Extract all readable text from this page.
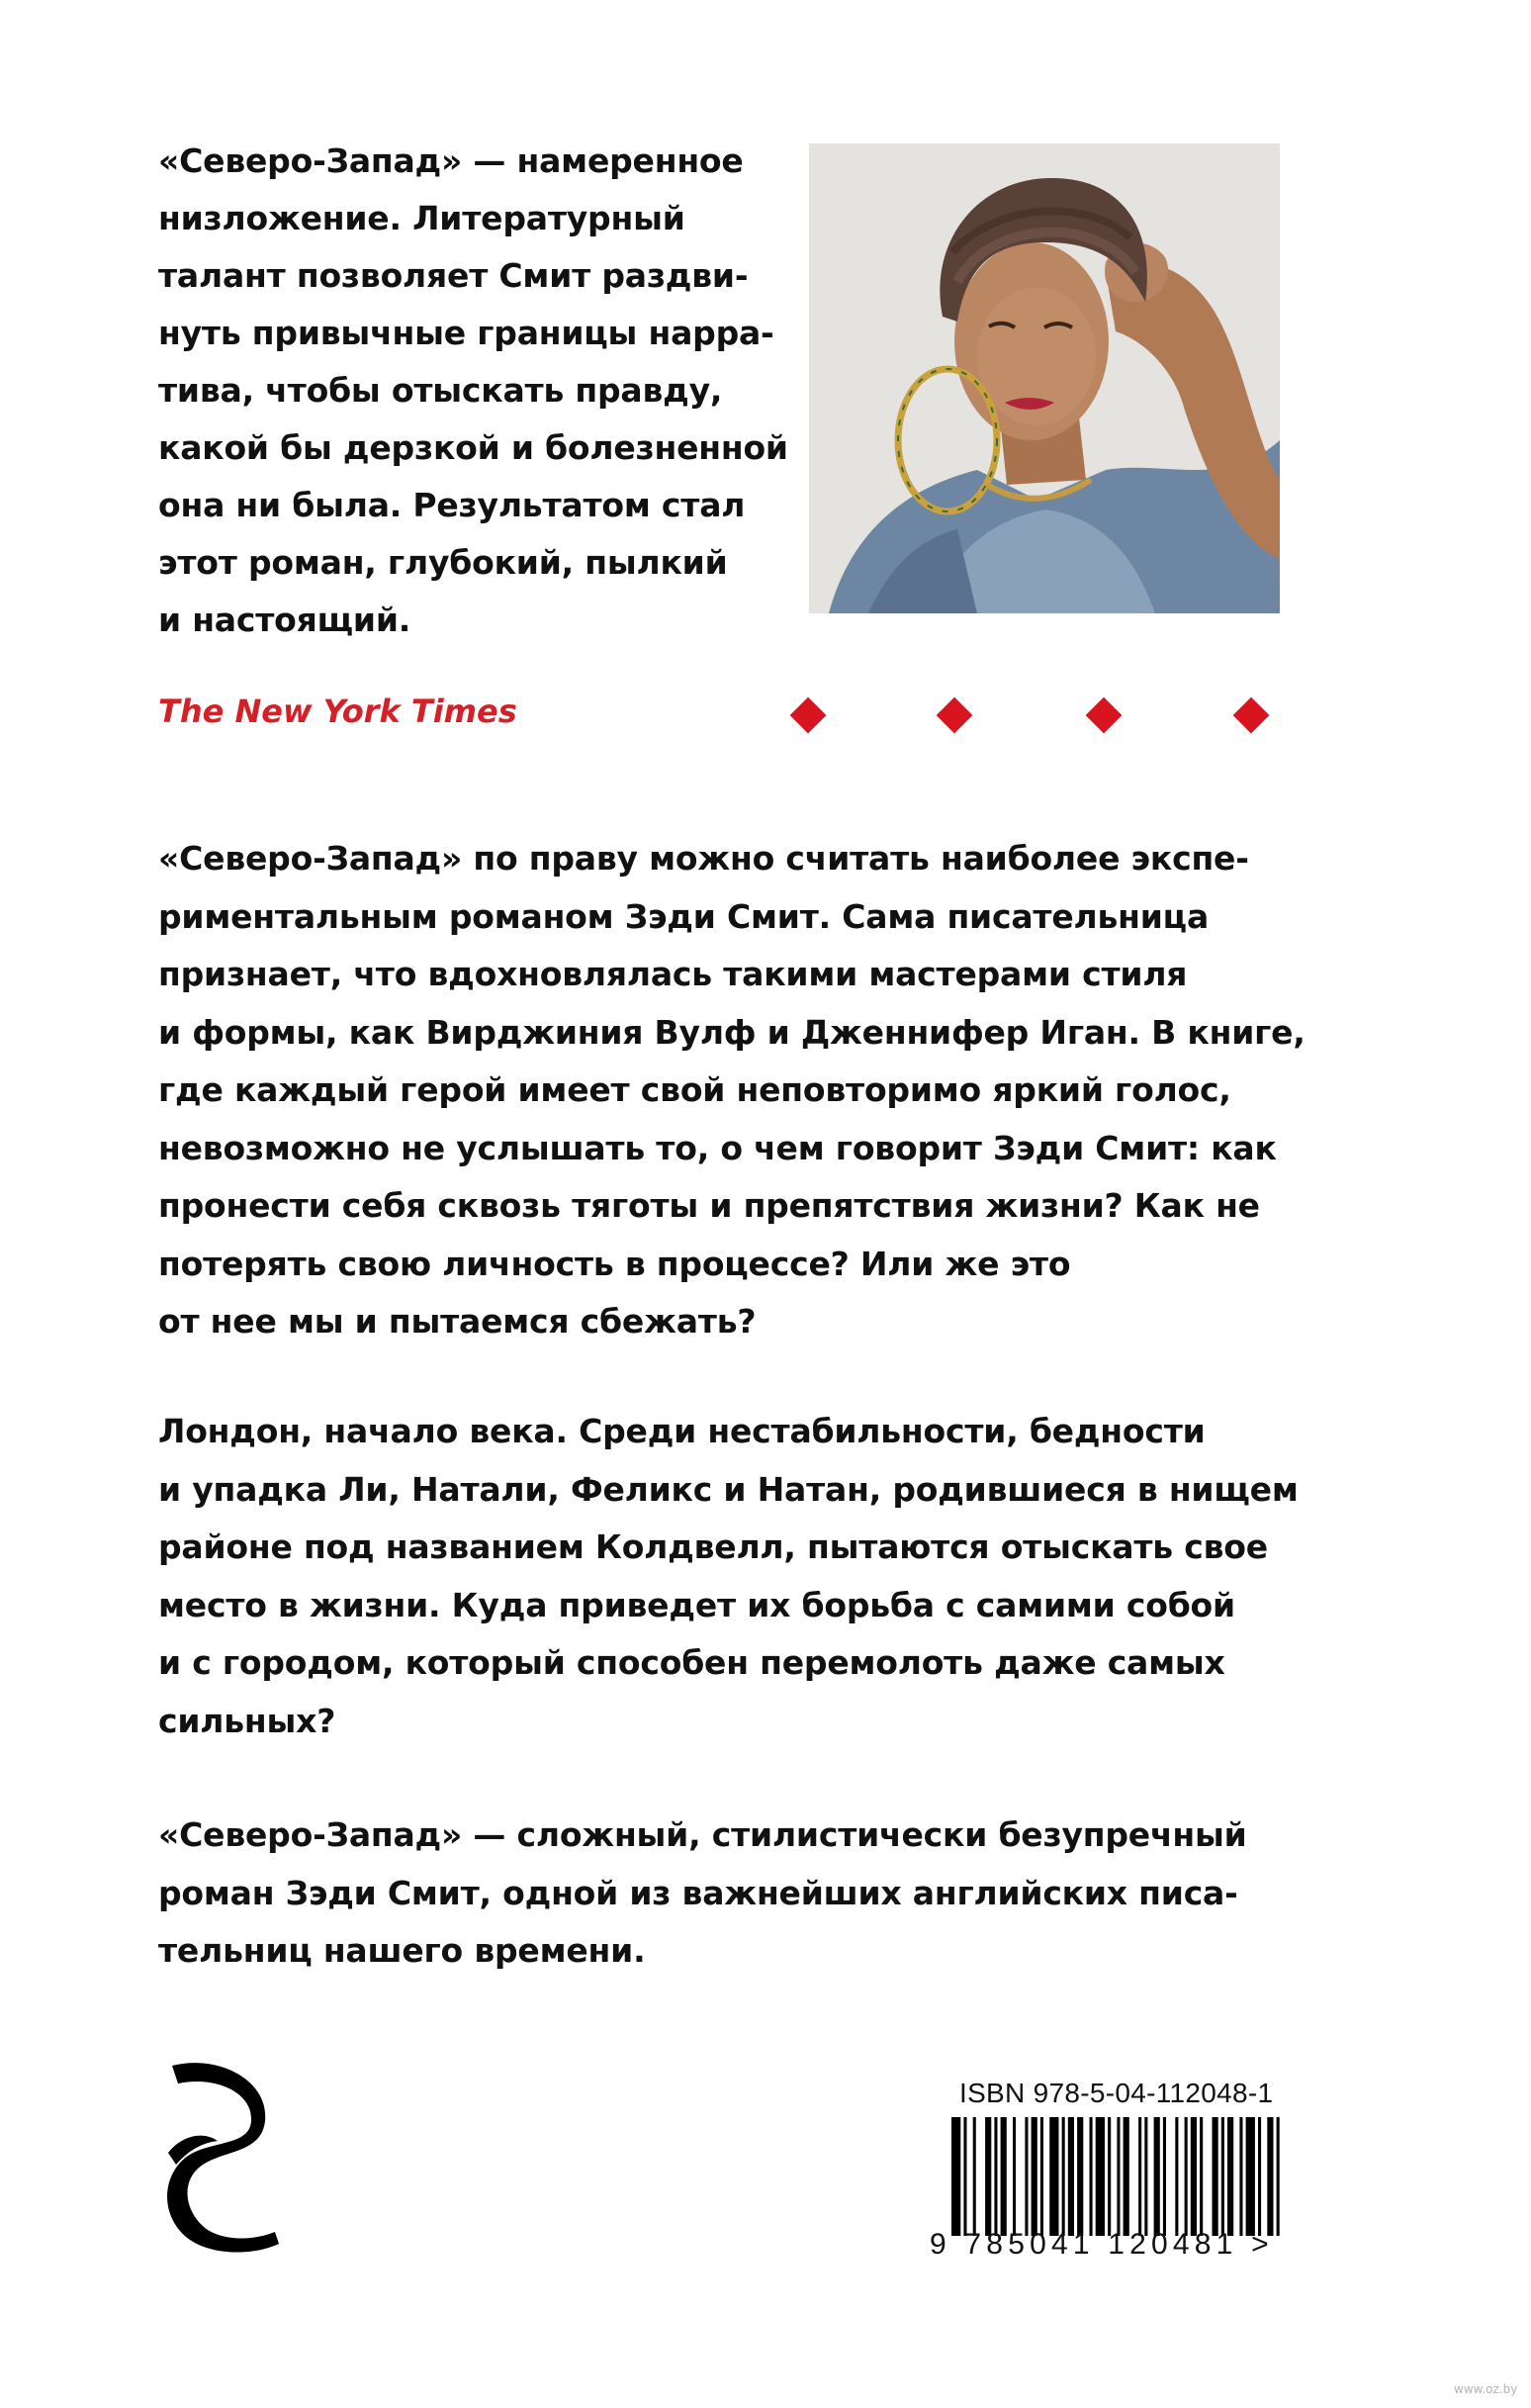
«Северо-Запад» — намеренное
низложение. Литературный
талант позволяет Смит раздви-
нуть привычные границы нарра-
тива, чтобы отыскать правду,
какой бы дерзкой и болезненной
она ни была. Результатом стал
этот роман, глубокий, пылкий
и настоящий.
The New York Times
«Северо-Запад» по праву можно считать наиболее экспе-
риментальным романом Зэди Смит. Сама писательница
признает, что вдохновлялась такими мастерами стиля
и формы, как Вирджиния Вулф и Дженнифер Иган. В книге,
где каждый герой имеет свой неповторимо яркий голос,
невозможно не услышать то, о чем говорит Зэди Смит: как
пронести себя сквозь тяготы и препятствия жизни? Как не
потерять свою личность в процессе? Или же это
от нее мы и пытаемся сбежать?
Лондон, начало века. Среди нестабильности, бедности
и упадка Ли, Натали, Феликс и Натан, родившиеся в нищем
районе под названием Колдвелл, пытаются отыскать свое
место в жизни. Куда приведет их борьба с самими собой
и с городом, который способен перемолоть даже самых
сильных?
«Северо-Запад» — сложный, стилистически безупречный
роман Зэди Смит, одной из важнейших английских писа-
тельниц нашего времени.
ISBN 978-5-04-112048-1
9 785041 120481 >
www.oz.by
